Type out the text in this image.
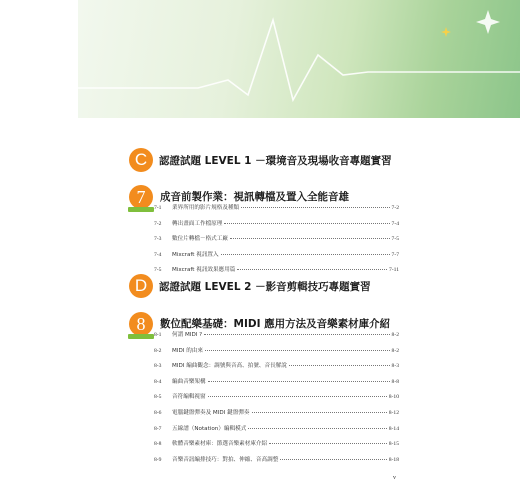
C	認證試題 LEVEL 1 －環境音及現場收音專題實習
7	成音前製作業：視訊轉檔及置入全能音雄
7-1	業界所用的影片規格及種類	7-2
7-2	轉出畫面工作檔原理	7-4
7-3	數位片轉檔－格式工廠	7-5
7-4	Mixcraft 視訊置入	7-7
7-5	Mixcraft 視訊效果應用篇	7-11
D	認證試題 LEVEL 2 －影音剪輯技巧專題實習
8	數位配樂基礎：MIDI 應用方法及音樂素材庫介紹
8-1	何謂 MIDI ?	8-2
8-2	MIDI 的由來	8-2
8-3	MIDI 編曲觀念：調號與音高、拍號、音長解說	8-3
8-4	編曲音樂架構	8-8
8-5	音符編輯視窗	8-10
8-6	電腦鍵盤彈奏及 MIDI 鍵盤彈奏	8-12
8-7	五線譜（Notation）編輯模式	8-14
8-8	軟體音樂素材庫：節選音樂素材庫介紹	8-15
8-9	音樂音訊編排技巧：對拍、伸縮、音高調整	8-18
v
